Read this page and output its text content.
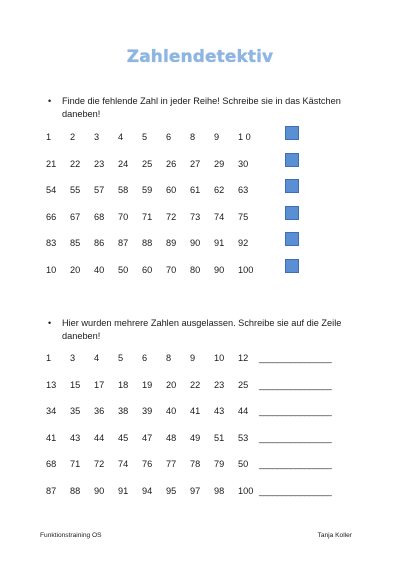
Zahlendetektiv
•	Finde die fehlende Zahl in jeder Reihe! Schreibe sie in das Kästchen daneben!
1 2 3 4 5 6 8 9 1 0
21 22 23 24 25 26 27 29 30
54 55 57 58 59 60 61 62 63
66 67 68 70 71 72 73 74 75
83 85 86 87 88 89 90 91 92
10 20 40 50 60 70 80 90 100
•	Hier wurden mehrere Zahlen ausgelassen. Schreibe sie auf die Zeile daneben!
1 3 4 5 6 8 9 10 12 ________________
13 15 17 18 19 20 22 23 25 ________________
34 35 36 38 39 40 41 43 44 ________________
41 43 44 45 47 48 49 51 53 ________________
68 71 72 74 76 77 78 79 50 ________________
87 88 90 91 94 95 97 98 100 ________________
Funktionstraining OS	Tanja Koller
